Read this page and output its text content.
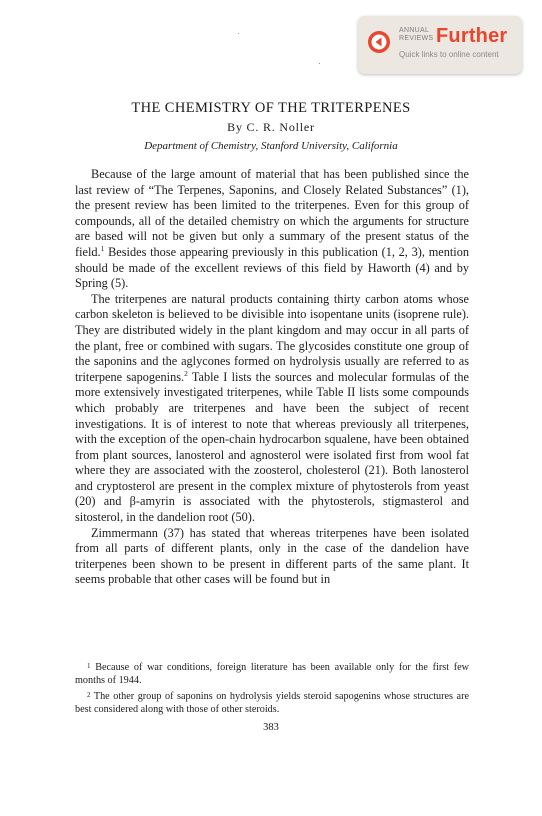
ANNUAL
REVIEWS Further
Quick links to online content
THE CHEMISTRY OF THE TRITERPENES
By C. R. Noller
Department of Chemistry, Stanford University, California

Because of the large amount of material that has been published since the last review of “The Terpenes, Saponins, and Closely Related Substances” (1), the present review has been limited to the triterpenes. Even for this group of compounds, all of the detailed chemistry on which the arguments for structure are based will not be given but only a summary of the present status of the field.$^1$ Besides those appearing previously in this publication (1, 2, 3), mention should be made of the excellent reviews of this field by Haworth (4) and by Spring (5).

The triterpenes are natural products containing thirty carbon atoms whose carbon skeleton is believed to be divisible into isopentane units (isoprene rule). They are distributed widely in the plant kingdom and may occur in all parts of the plant, free or combined with sugars. The glycosides constitute one group of the saponins and the aglycones formed on hydrolysis usually are referred to as triterpene sapogenins.$^2$ Table I lists the sources and molecular formulas of the more extensively investigated triterpenes, while Table II lists some compounds which probably are triterpenes and have been the subject of recent investigations. It is of interest to note that whereas previously all triterpenes, with the exception of the open-chain hydrocarbon squalene, have been obtained from plant sources, lanosterol and agnosterol were isolated first from wool fat where they are associated with the zoosterol, cholesterol (21). Both lanosterol and cryptosterol are present in the complex mixture of phytosterols from yeast (20) and β-amyrin is associated with the phytosterols, stigmasterol and sitosterol, in the dandelion root (50).

Zimmermann (37) has stated that whereas triterpenes have been isolated from all parts of different plants, only in the case of the dandelion have triterpenes been shown to be present in different parts of the same plant. It seems probable that other cases will be found but in

$^1$ Because of war conditions, foreign literature has been available only for the first few months of 1944.

$^2$ The other group of saponins on hydrolysis yields steroid sapogenins whose structures are best considered along with those of other steroids.

383
